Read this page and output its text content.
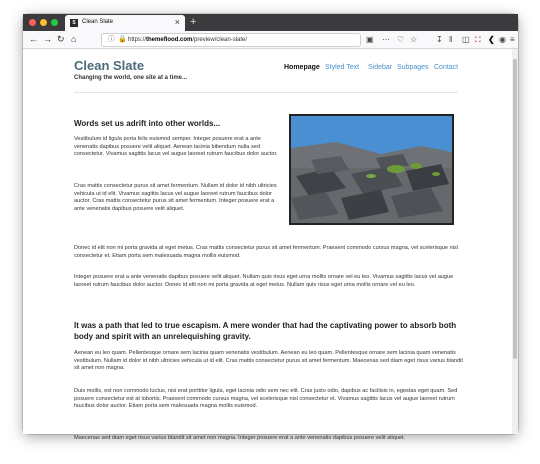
S	Clean Slate	× +
← → ↻ ⌂	ⓘ 🔒 https://themeflood.com/preview/clean-slate/	▣ ⋯ ♡ ☆ ↧ ‖ ◫ ⛚ ❮ ◉ ≡
Clean Slate
Changing the world, one site at a time...
Homepage Styled Text Sidebar Subpages Contact
Words set us adrift into other worlds...
Vestibulum id ligula porta felis euismod semper. Integer posuere erat a ante venenatis dapibus posuere velit aliquet. Aenean lacinia bibendum nulla sed consectetur. Vivamus sagittis lacus vel augue laoreet rutrum faucibus dolor auctor.
Cras mattis consectetur purus sit amet fermentum. Nullam id dolor id nibh ultricies vehicula ut id elit. Vivamus sagittis lacus vel augue laoreet rutrum faucibus dolor auctor. Cras mattis consectetur purus sit amet fermentum. Integer posuere erat a ante venenatis dapibus posuere velit aliquet.
Donec id elit non mi porta gravida at eget metus. Cras mattis consectetur purus sit amet fermentum. Praesent commodo cursus magna, vel scelerisque nisl consectetur et. Etiam porta sem malesuada magna mollis euismod.
Integer posuere erat a ante venenatis dapibus posuere velit aliquet. Nullam quis risus eget urna mollis ornare vel eu leo. Vivamus sagittis lacus vel augue laoreet rutrum faucibus dolor auctor. Donec id elit non mi porta gravida at eget metus. Nullam quis risus eget urna mollis ornare vel eu leo.
It was a path that led to true escapism. A mere wonder that had the captivating power to absorb both body and spirit with an unrelequishing gravity.
Aenean eu leo quam. Pellentesque ornare sem lacinia quam venenatis vestibulum. Aenean eu leo quam. Pellentesque ornare sem lacinia quam venenatis vestibulum. Nullam id dolor id nibh ultricies vehicula ut id elit. Cras mattis consectetur purus sit amet fermentum. Maecenas sed diam eget risus varius blandit sit amet non magna.
Duis mollis, est non commodo luctus, nisi erat porttitor ligula, eget lacinia odio sem nec elit. Cras justo odio, dapibus ac facilisis in, egestas eget quam. Sed posuere consectetur est at lobortis. Praesent commodo cursus magna, vel scelerisque nisl consectetur et. Vivamus sagittis lacus vel augue laoreet rutrum faucibus dolor auctor. Etiam porta sem malesuada magna mollis euismod.
Maecenas sed diam eget risus varius blandit sit amet non magna. Integer posuere erat a ante venenatis dapibus posuere velit aliquet.
